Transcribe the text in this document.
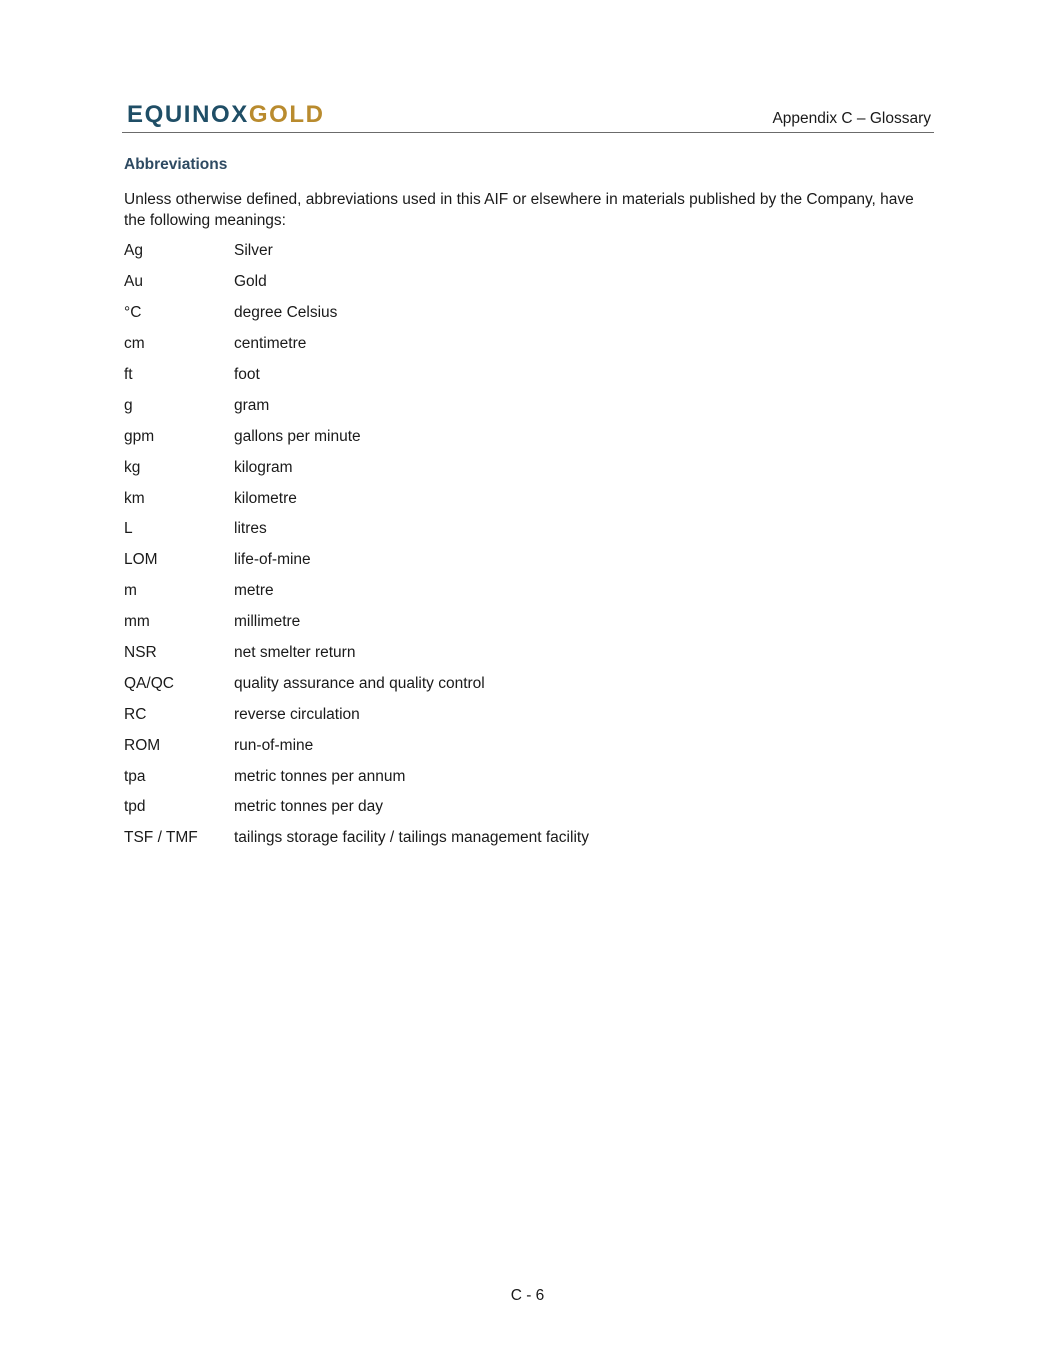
EQUINOXGOLD	Appendix C – Glossary
Abbreviations
Unless otherwise defined, abbreviations used in this AIF or elsewhere in materials published by the Company, have the following meanings:
Ag	Silver
Au	Gold
°C	degree Celsius
cm	centimetre
ft	foot
g	gram
gpm	gallons per minute
kg	kilogram
km	kilometre
L	litres
LOM	life-of-mine
m	metre
mm	millimetre
NSR	net smelter return
QA/QC	quality assurance and quality control
RC	reverse circulation
ROM	run-of-mine
tpa	metric tonnes per annum
tpd	metric tonnes per day
TSF / TMF	tailings storage facility / tailings management facility
C - 6
